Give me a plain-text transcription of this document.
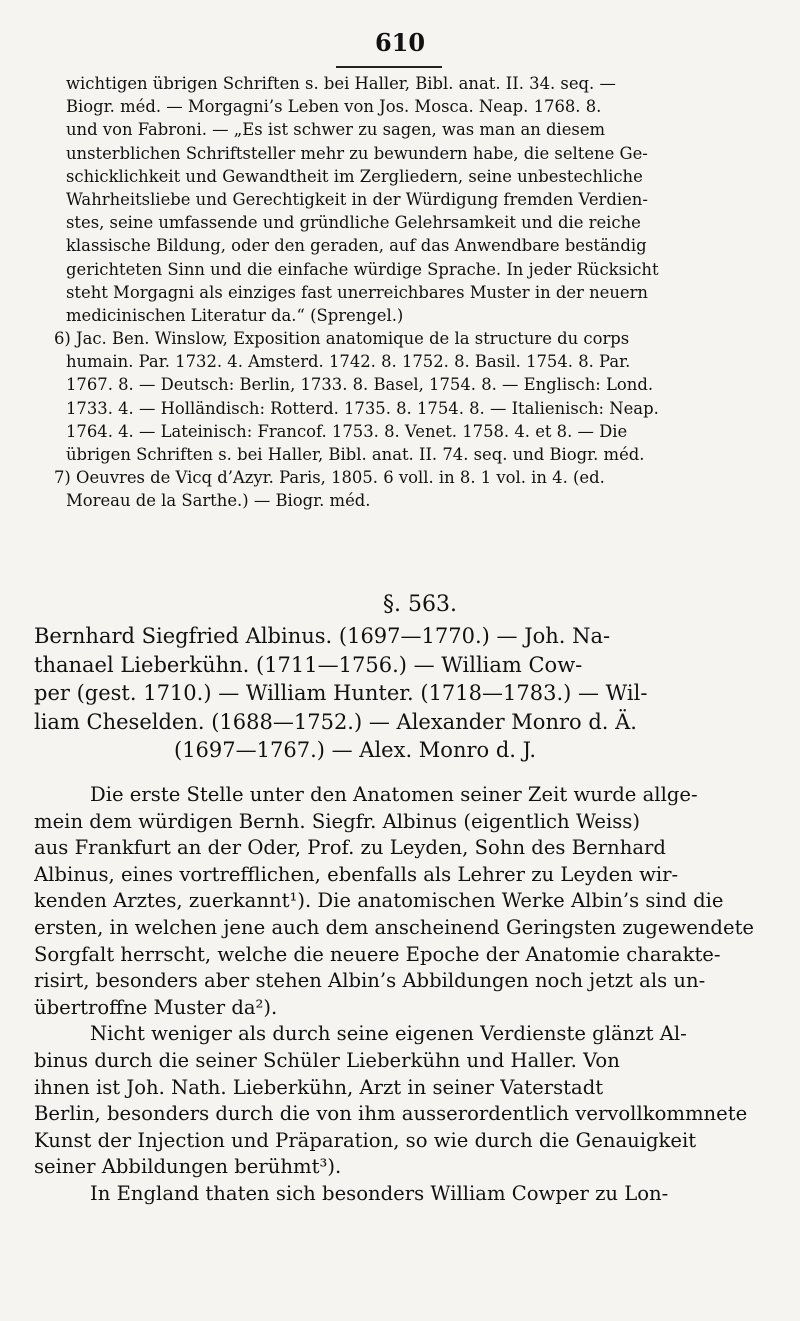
610
wichtigen übrigen Schriften s. bei Haller, Bibl. anat. II. 34. seq. —
Biogr. méd. — Morgagni’s Leben von Jos. Mosca. Neap. 1768. 8.
und von Fabroni. — „Es ist schwer zu sagen, was man an diesem
unsterblichen Schriftsteller mehr zu bewundern habe, die seltene Ge-
schicklichkeit und Gewandtheit im Zergliedern, seine unbestechliche
Wahrheitsliebe und Gerechtigkeit in der Würdigung fremden Verdien-
stes, seine umfassende und gründliche Gelehrsamkeit und die reiche
klassische Bildung, oder den geraden, auf das Anwendbare beständig
gerichteten Sinn und die einfache würdige Sprache. In jeder Rücksicht
steht Morgagni als einziges fast unerreichbares Muster in der neuern
medicinischen Literatur da.“ (Sprengel.)
6) Jac. Ben. Winslow, Exposition anatomique de la structure du corps
humain. Par. 1732. 4. Amsterd. 1742. 8. 1752. 8. Basil. 1754. 8. Par.
1767. 8. — Deutsch: Berlin, 1733. 8. Basel, 1754. 8. — Englisch: Lond.
1733. 4. — Holländisch: Rotterd. 1735. 8. 1754. 8. — Italienisch: Neap.
1764. 4. — Lateinisch: Francof. 1753. 8. Venet. 1758. 4. et 8. — Die
übrigen Schriften s. bei Haller, Bibl. anat. II. 74. seq. und Biogr. méd.
7) Oeuvres de Vicq d’Azyr. Paris, 1805. 6 voll. in 8. 1 vol. in 4. (ed.
Moreau de la Sarthe.) — Biogr. méd.
§. 563.
Bernhard Siegfried Albinus. (1697—1770.) — Joh. Na-
thanael Lieberkühn. (1711—1756.) — William Cow-
per (gest. 1710.) — William Hunter. (1718—1783.) — Wil-
liam Cheselden. (1688—1752.) — Alexander Monro d. Ä.
(1697—1767.) — Alex. Monro d. J.
Die erste Stelle unter den Anatomen seiner Zeit wurde allge-
mein dem würdigen Bernh. Siegfr. Albinus (eigentlich Weiss)
aus Frankfurt an der Oder, Prof. zu Leyden, Sohn des Bernhard
Albinus, eines vortrefflichen, ebenfalls als Lehrer zu Leyden wir-
kenden Arztes, zuerkannt¹). Die anatomischen Werke Albin’s sind die
ersten, in welchen jene auch dem anscheinend Geringsten zugewendete
Sorgfalt herrscht, welche die neuere Epoche der Anatomie charakte-
risirt, besonders aber stehen Albin’s Abbildungen noch jetzt als un-
übertroffne Muster da²).
Nicht weniger als durch seine eigenen Verdienste glänzt Al-
binus durch die seiner Schüler Lieberkühn und Haller. Von
ihnen ist Joh. Nath. Lieberkühn, Arzt in seiner Vaterstadt
Berlin, besonders durch die von ihm ausserordentlich vervollkommnete
Kunst der Injection und Präparation, so wie durch die Genauigkeit
seiner Abbildungen berühmt³).
In England thaten sich besonders William Cowper zu Lon-
